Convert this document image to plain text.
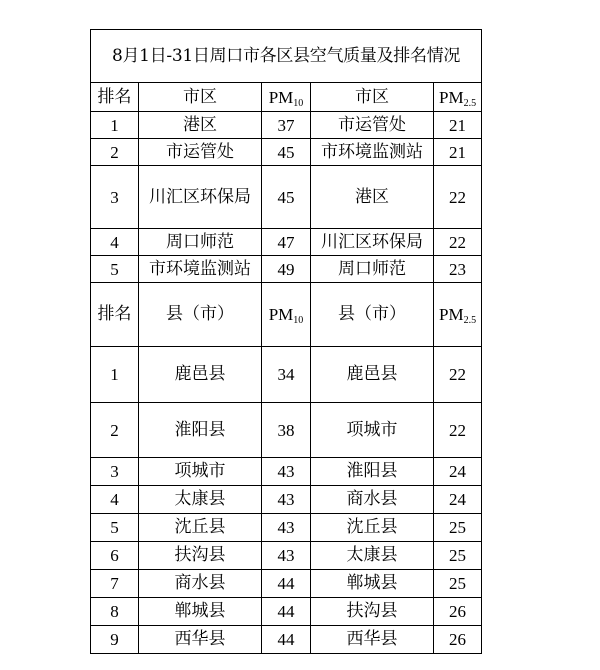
8月1日-31日周口市各区县空气质量及排名情况				
排名	市区	$PM_{10}$	市区	$PM_{2.5}$
1	港区	37	市运管处	21
2	市运管处	45	市环境监测站	21
3	川汇区环保局	45	港区	22
4	周口师范	47	川汇区环保局	22
5	市环境监测站	49	周口师范	23
排名	县（市）	$PM_{10}$	县（市）	$PM_{2.5}$
1	鹿邑县	34	鹿邑县	22
2	淮阳县	38	项城市	22
3	项城市	43	淮阳县	24
4	太康县	43	商水县	24
5	沈丘县	43	沈丘县	25
6	扶沟县	43	太康县	25
7	商水县	44	郸城县	25
8	郸城县	44	扶沟县	26
9	西华县	44	西华县	26
